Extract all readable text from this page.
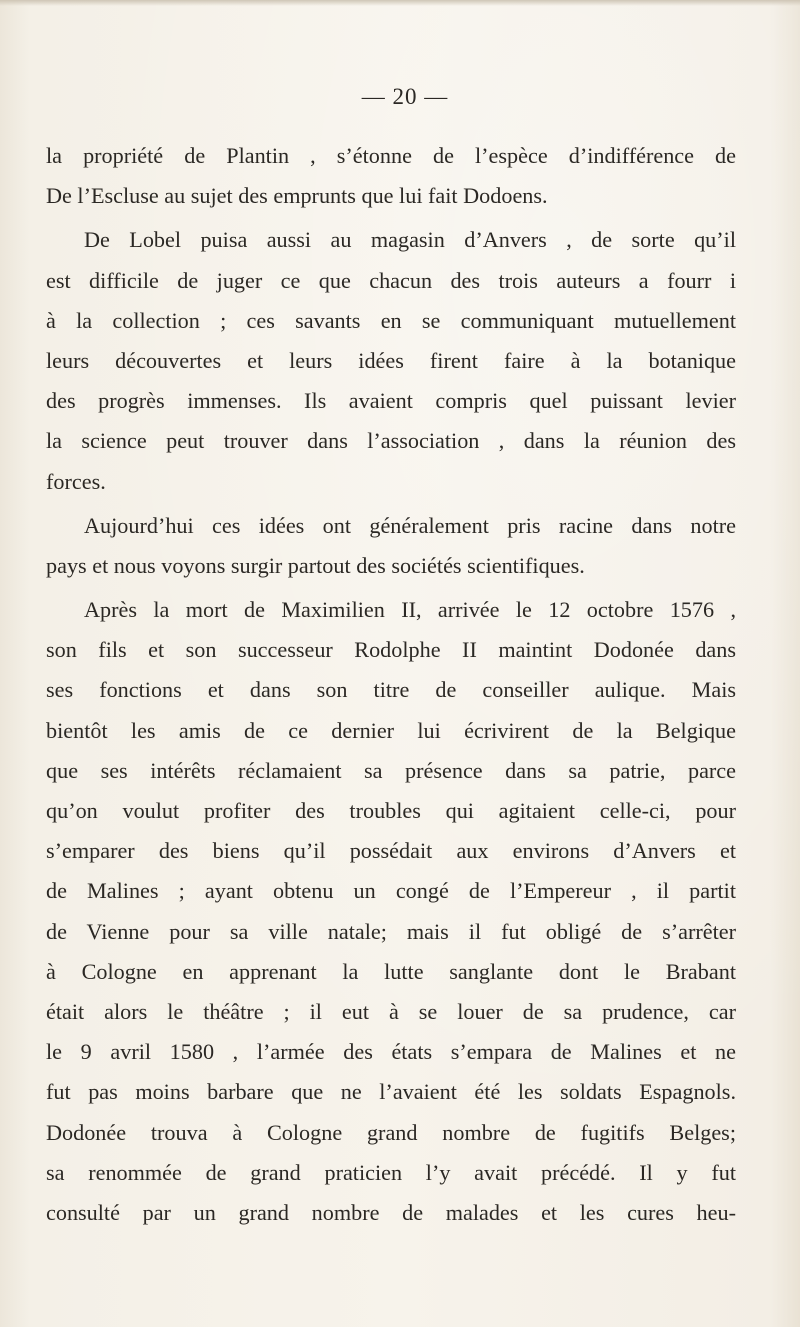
— 20 —

la propriété de Plantin , s’étonne de l’espèce d’indifférence de
De l’Escluse au sujet des emprunts que lui fait Dodoens.
De Lobel puisa aussi au magasin d’Anvers , de sorte qu’il
est difficile de juger ce que chacun des trois auteurs a fourr i
à la collection ; ces savants en se communiquant mutuellement
leurs découvertes et leurs idées firent faire à la botanique
des progrès immenses. Ils avaient compris quel puissant levier
la science peut trouver dans l’association , dans la réunion des
forces.
Aujourd’hui ces idées ont généralement pris racine dans notre
pays et nous voyons surgir partout des sociétés scientifiques.
Après la mort de Maximilien II, arrivée le 12 octobre 1576 ,
son fils et son successeur Rodolphe II maintint Dodonée dans
ses fonctions et dans son titre de conseiller aulique. Mais
bientôt les amis de ce dernier lui écrivirent de la Belgique
que ses intérêts réclamaient sa présence dans sa patrie, parce
qu’on voulut profiter des troubles qui agitaient celle-ci, pour
s’emparer des biens qu’il possédait aux environs d’Anvers et
de Malines ; ayant obtenu un congé de l’Empereur , il partit
de Vienne pour sa ville natale; mais il fut obligé de s’arrêter
à Cologne en apprenant la lutte sanglante dont le Brabant
était alors le théâtre ; il eut à se louer de sa prudence, car
le 9 avril 1580 , l’armée des états s’empara de Malines et ne
fut pas moins barbare que ne l’avaient été les soldats Espagnols.
Dodonée trouva à Cologne grand nombre de fugitifs Belges;
sa renommée de grand praticien l’y avait précédé. Il y fut
consulté par un grand nombre de malades et les cures heu-
